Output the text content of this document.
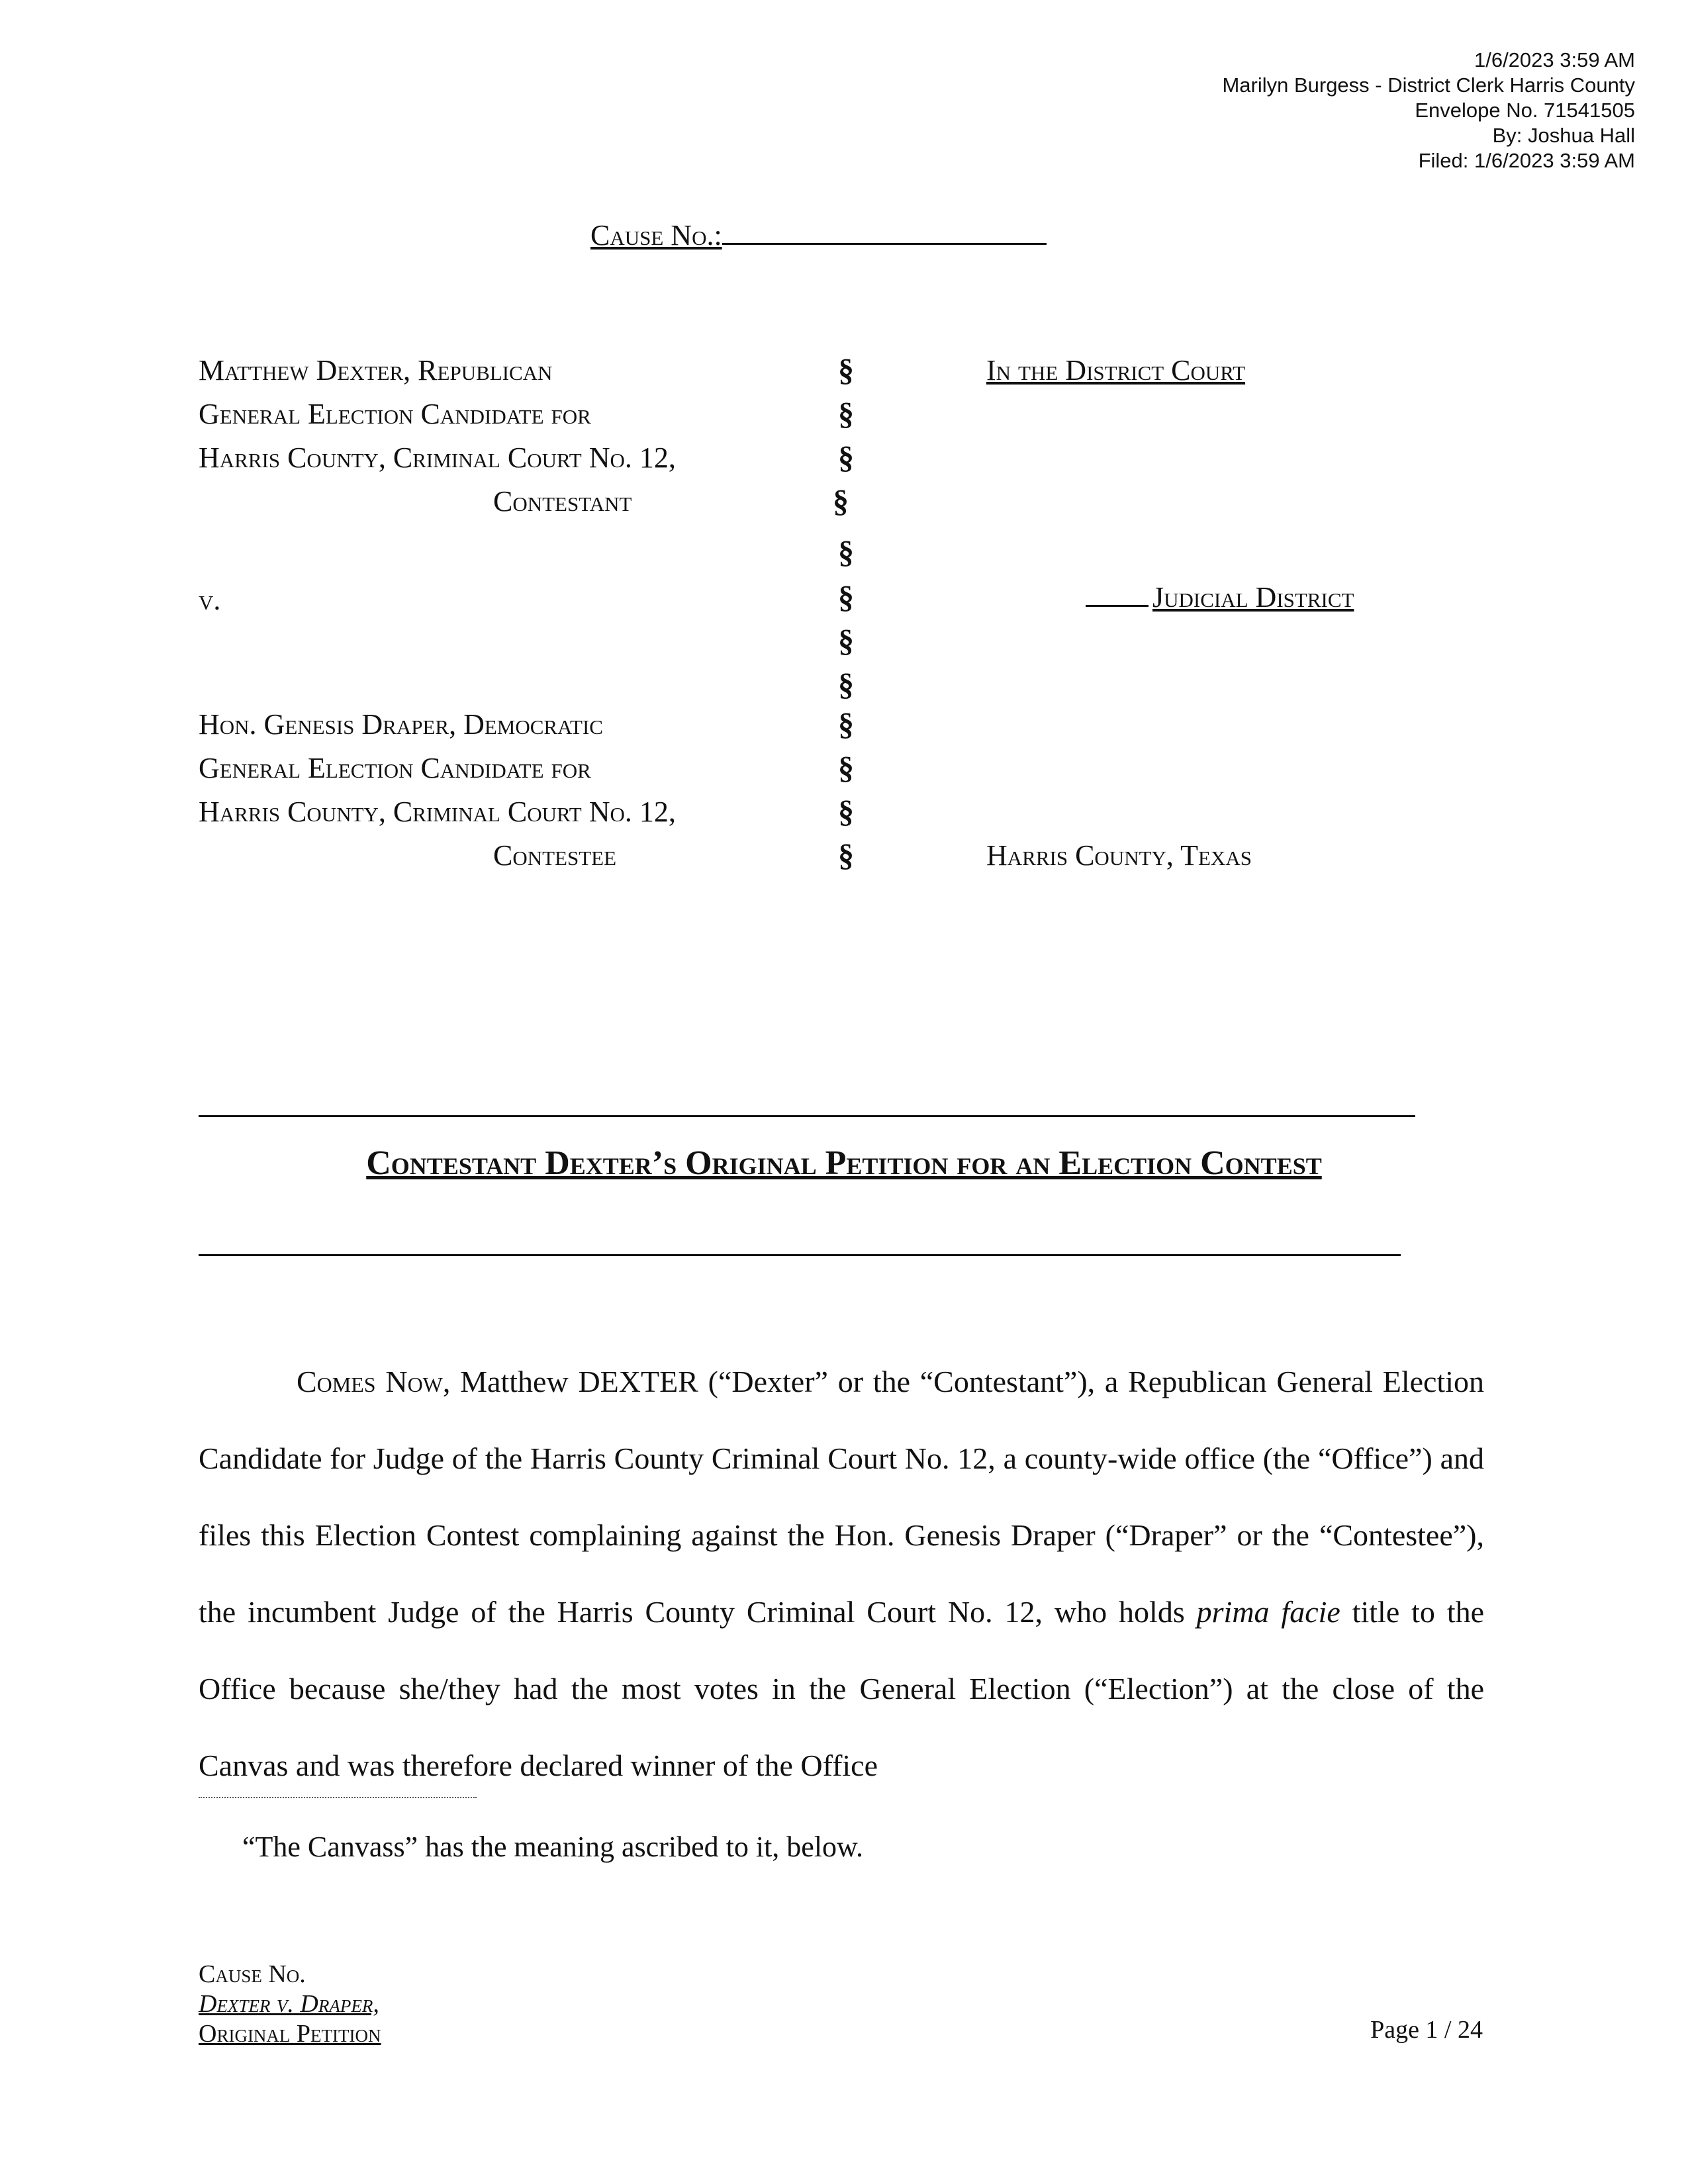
1/6/2023 3:59 AM
Marilyn Burgess - District Clerk Harris County
Envelope No. 71541505
By: Joshua Hall
Filed: 1/6/2023 3:59 AM
Cause No.:
Matthew Dexter, Republican
General Election Candidate for
Harris County, Criminal Court No. 12,
Contestant
v.
Hon. Genesis Draper, Democratic
General Election Candidate for
Harris County, Criminal Court No. 12,
Contestee
§
§
§
§
§
§
§
§
§
§
§
§
In the District Court
Judicial District
Harris County, Texas
Contestant Dexter’s Original Petition for an Election Contest
Comes Now, Matthew DEXTER (“Dexter” or the “Contestant”), a Republican General Election Candidate for Judge of the Harris County Criminal Court No. 12, a county-wide office (the “Office”) and files this Election Contest complaining against the Hon. Genesis Draper (“Draper” or the “Contestee”), the incumbent Judge of the Harris County Criminal Court No. 12, who holds prima facie title to the Office because she/they had the most votes in the General Election (“Election”) at the close of the Canvas and was therefore declared winner of the Office
“The Canvass” has the meaning ascribed to it, below.
Cause No.
Dexter v. Draper,
Original Petition	Page 1 / 24
